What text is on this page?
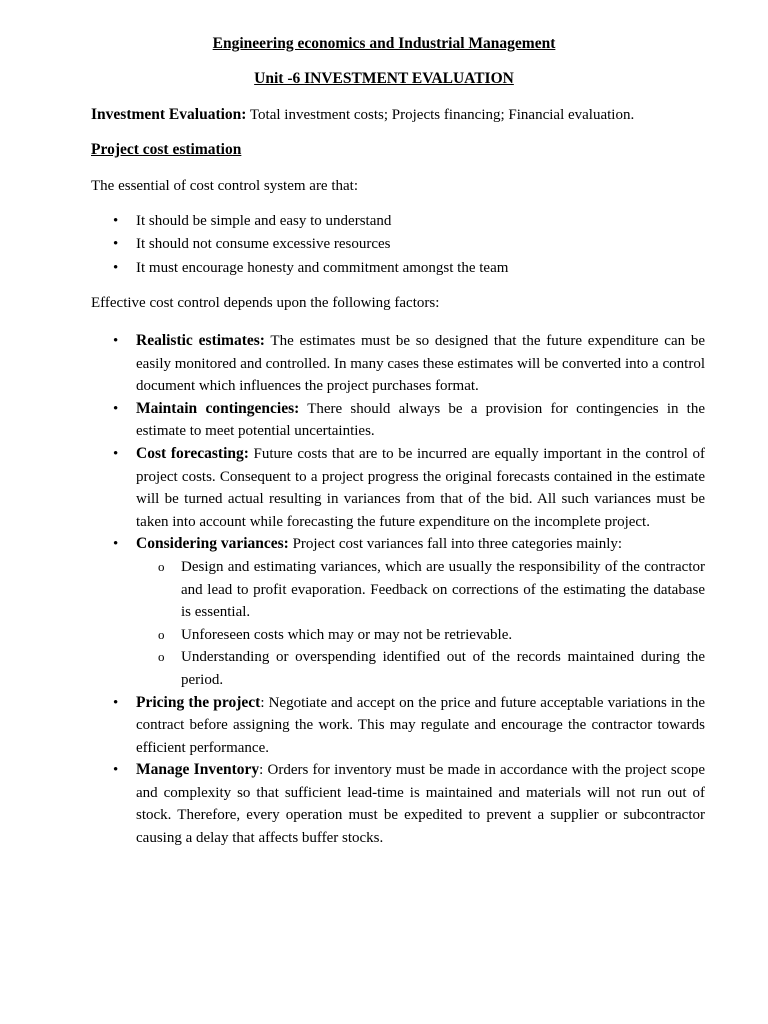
Engineering economics and Industrial Management
Unit -6 INVESTMENT EVALUATION
Investment Evaluation: Total investment costs; Projects financing; Financial evaluation.
Project cost estimation
The essential of cost control system are that:
• It should be simple and easy to understand
• It should not consume excessive resources
• It must encourage honesty and commitment amongst the team
Effective cost control depends upon the following factors:
• Realistic estimates: The estimates must be so designed that the future expenditure can be easily monitored and controlled. In many cases these estimates will be converted into a control document which influences the project purchases format.
• Maintain contingencies: There should always be a provision for contingencies in the estimate to meet potential uncertainties.
• Cost forecasting: Future costs that are to be incurred are equally important in the control of project costs. Consequent to a project progress the original forecasts contained in the estimate will be turned actual resulting in variances from that of the bid. All such variances must be taken into account while forecasting the future expenditure on the incomplete project.
• Considering variances: Project cost variances fall into three categories mainly:
o Design and estimating variances, which are usually the responsibility of the contractor and lead to profit evaporation. Feedback on corrections of the estimating the database is essential.
o Unforeseen costs which may or may not be retrievable.
o Understanding or overspending identified out of the records maintained during the period.
• Pricing the project: Negotiate and accept on the price and future acceptable variations in the contract before assigning the work. This may regulate and encourage the contractor towards efficient performance.
• Manage Inventory: Orders for inventory must be made in accordance with the project scope and complexity so that sufficient lead-time is maintained and materials will not run out of stock. Therefore, every operation must be expedited to prevent a supplier or subcontractor causing a delay that affects buffer stocks.
